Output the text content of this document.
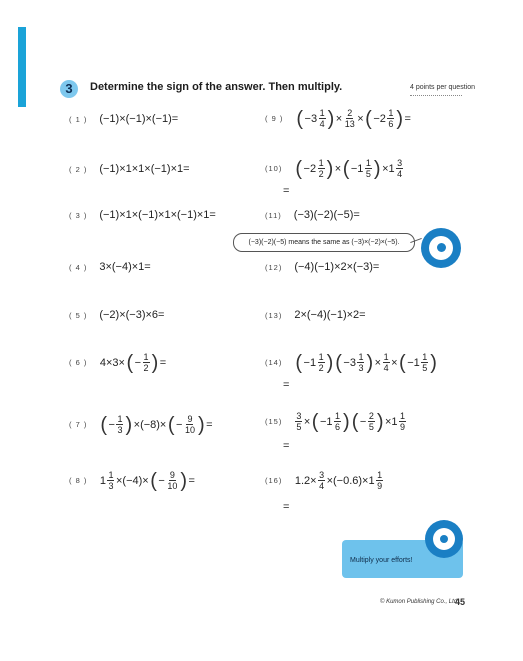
3	Determine the sign of the answer. Then multiply.	4 points per question
( 1 ) (−1)×(−1)×(−1)=
( 2 ) (−1)×1×1×(−1)×1=
( 3 ) (−1)×1×(−1)×1×(−1)×1=
( 4 ) 3×(−4)×1=
( 5 ) (−2)×(−3)×6=
( 6 ) 4×3× ( − $\frac{1}{2}$ ) =
( 7 ) ( − $\frac{1}{3}$ ) ×(−8)× ( − $\frac{9}{10}$ ) =
( 8 ) $1 \frac{1}{3} \times(-4)\times$ ( − $\frac{9}{10}$ ) =
( 9 ) ( $-3 \frac{1}{4}$ ) × $\frac{2}{13}$ × ( $-2 \frac{1}{6}$ ) =
(10) ( $-2 \frac{1}{2}$ ) × ( $-1 \frac{1}{5}$ ) $\times 1 \frac{3}{4}$
=
(11) (−3)(−2)(−5)=
(−3)(−2)(−5) means the same as (−3)×(−2)×(−5).
(12) (−4)(−1)×2×(−3)=
(13) 2×(−4)(−1)×2=
(14) ( $-1 \frac{1}{2}$ ) ( $-3 \frac{1}{3}$ ) × $\frac{1}{4}$ × ( $-1 \frac{1}{5}$ )
=
$(15) \frac{3}{5}$ × ( $-1 \frac{1}{6}$ ) ( − $\frac{2}{5}$ ) $\times 1 \frac{1}{9}$
=
(16) $1.2\times \frac{3}{4} \times(-0.6)\times 1 \frac{1}{9}$
=
Multiply your efforts!
© Kumon Publishing Co., Ltd.
45
